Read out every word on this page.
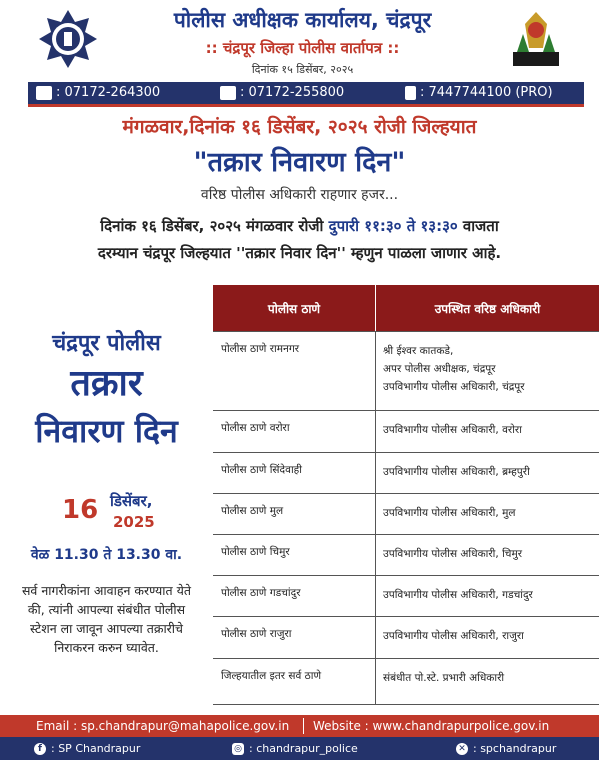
पोलीस अधीक्षक कार्यालय, चंद्रपूर
:: चंद्रपूर जिल्हा पोलीस वार्तापत्र ::
दिनांक १५ डिसेंबर, २०२५
: 07172-264300	: 07172-255800	: 7447744100 (PRO)
मंगळवार,दिनांक १६ डिसेंबर, २०२५ रोजी जिल्हयात
"तक्रार निवारण दिन"
वरिष्ठ पोलीस अधिकारी राहणार हजर...
दिनांक १६ डिसेंबर, २०२५ मंगळवार रोजी दुपारी ११:३० ते १३:३० वाजता
दरम्यान चंद्रपूर जिल्हयात ''तक्रार निवार दिन'' म्हणुन पाळला जाणार आहे.
चंद्रपूर पोलीस
तक्रार
निवारण दिन
16 डिसेंबर,
2025
वेळ 11.30 ते 13.30 वा.
सर्व नागरीकांना आवाहन करण्यात येते की, त्यांनी आपल्या संबंधीत पोलीस स्टेशन ला जावून आपल्या तक्रारीचे निराकरन करुन घ्यावेत.
पोलीस ठाणे	उपस्थित वरिष्ठ अधिकारी
पोलीस ठाणे रामनगर	श्री ईश्वर कातकडे,
अपर पोलीस अधीक्षक, चंद्रपूर
उपविभागीय पोलीस अधिकारी, चंद्रपूर
पोलीस ठाणे वरोरा	उपविभागीय पोलीस अधिकारी, वरोरा
पोलीस ठाणे सिंदेवाही	उपविभागीय पोलीस अधिकारी, ब्रम्हपुरी
पोलीस ठाणे मुल	उपविभागीय पोलीस अधिकारी, मुल
पोलीस ठाणे चिमुर	उपविभागीय पोलीस अधिकारी, चिमुर
पोलीस ठाणे गडचांदुर	उपविभागीय पोलीस अधिकारी, गडचांदुर
पोलीस ठाणे राजुरा	उपविभागीय पोलीस अधिकारी, राजुरा
जिल्हयातील इतर सर्व ठाणे	संबंधीत पो.स्टे. प्रभारी अधिकारी
Email : sp.chandrapur@mahapolice.gov.in Website : www.chandrapurpolice.gov.in
f : SP Chandrapur	◎ : chandrapur_police	✕ : spchandrapur
